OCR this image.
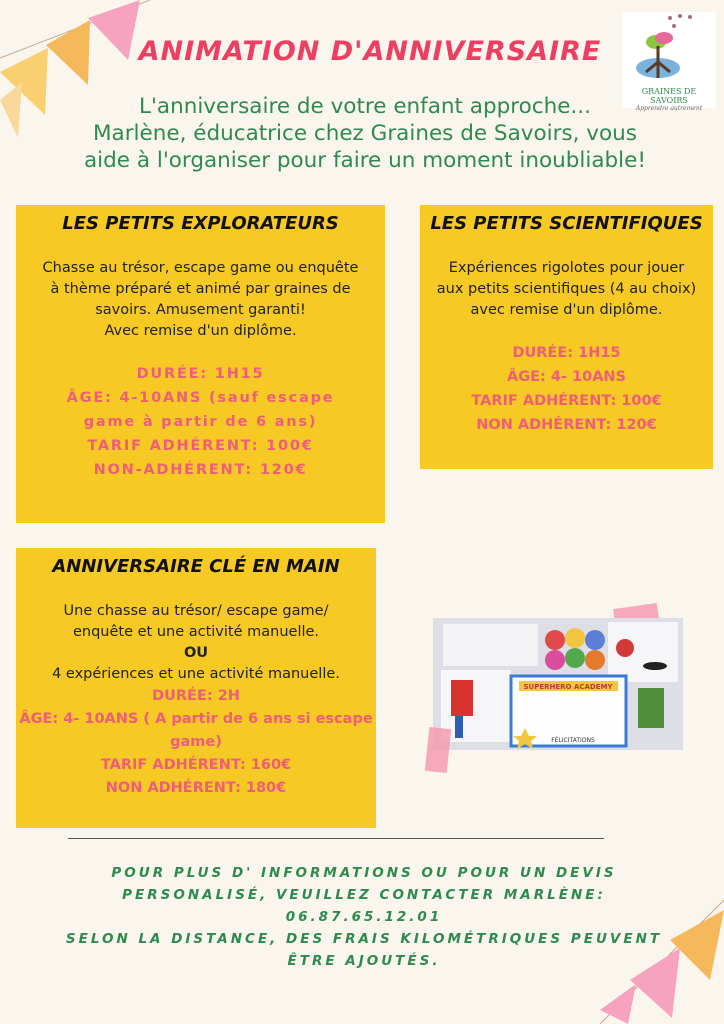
GRAINES DE SAVOIRS
Apprendre autrement
ANIMATION D'ANNIVERSAIRE
L'anniversaire de votre enfant approche...
Marlène, éducatrice chez Graines de Savoirs, vous
aide à l'organiser pour faire un moment inoubliable!
LES PETITS EXPLORATEURS
Chasse au trésor, escape game ou enquête
à thème préparé et animé par graines de
savoirs. Amusement garanti!
Avec remise d'un diplôme.
DURÉE: 1H15
ÂGE: 4-10ANS (sauf escape
game à partir de 6 ans)
TARIF ADHÉRENT: 100€
NON-ADHÉRENT: 120€
LES PETITS SCIENTIFIQUES
Expériences rigolotes pour jouer
aux petits scientifiques (4 au choix)
avec remise d'un diplôme.
DURÉE: 1H15
ÂGE: 4- 10ANS
TARIF ADHÉRENT: 100€
NON ADHÉRENT: 120€
ANNIVERSAIRE CLÉ EN MAIN
Une chasse au trésor/ escape game/
enquête et une activité manuelle.
OU
4 expériences et une activité manuelle.
DURÉE: 2H
ÂGE: 4- 10ANS ( A partir de 6 ans si escape
game)
TARIF ADHÉRENT: 160€
NON ADHÉRENT: 180€
SUPERHERO ACADEMY
FÉLICITATIONS
POUR PLUS D' INFORMATIONS OU POUR UN DEVIS
PERSONALISÉ, VEUILLEZ CONTACTER MARLÈNE:
06.87.65.12.01
SELON LA DISTANCE, DES FRAIS KILOMÉTRIQUES PEUVENT
ÊTRE AJOUTÉS.
